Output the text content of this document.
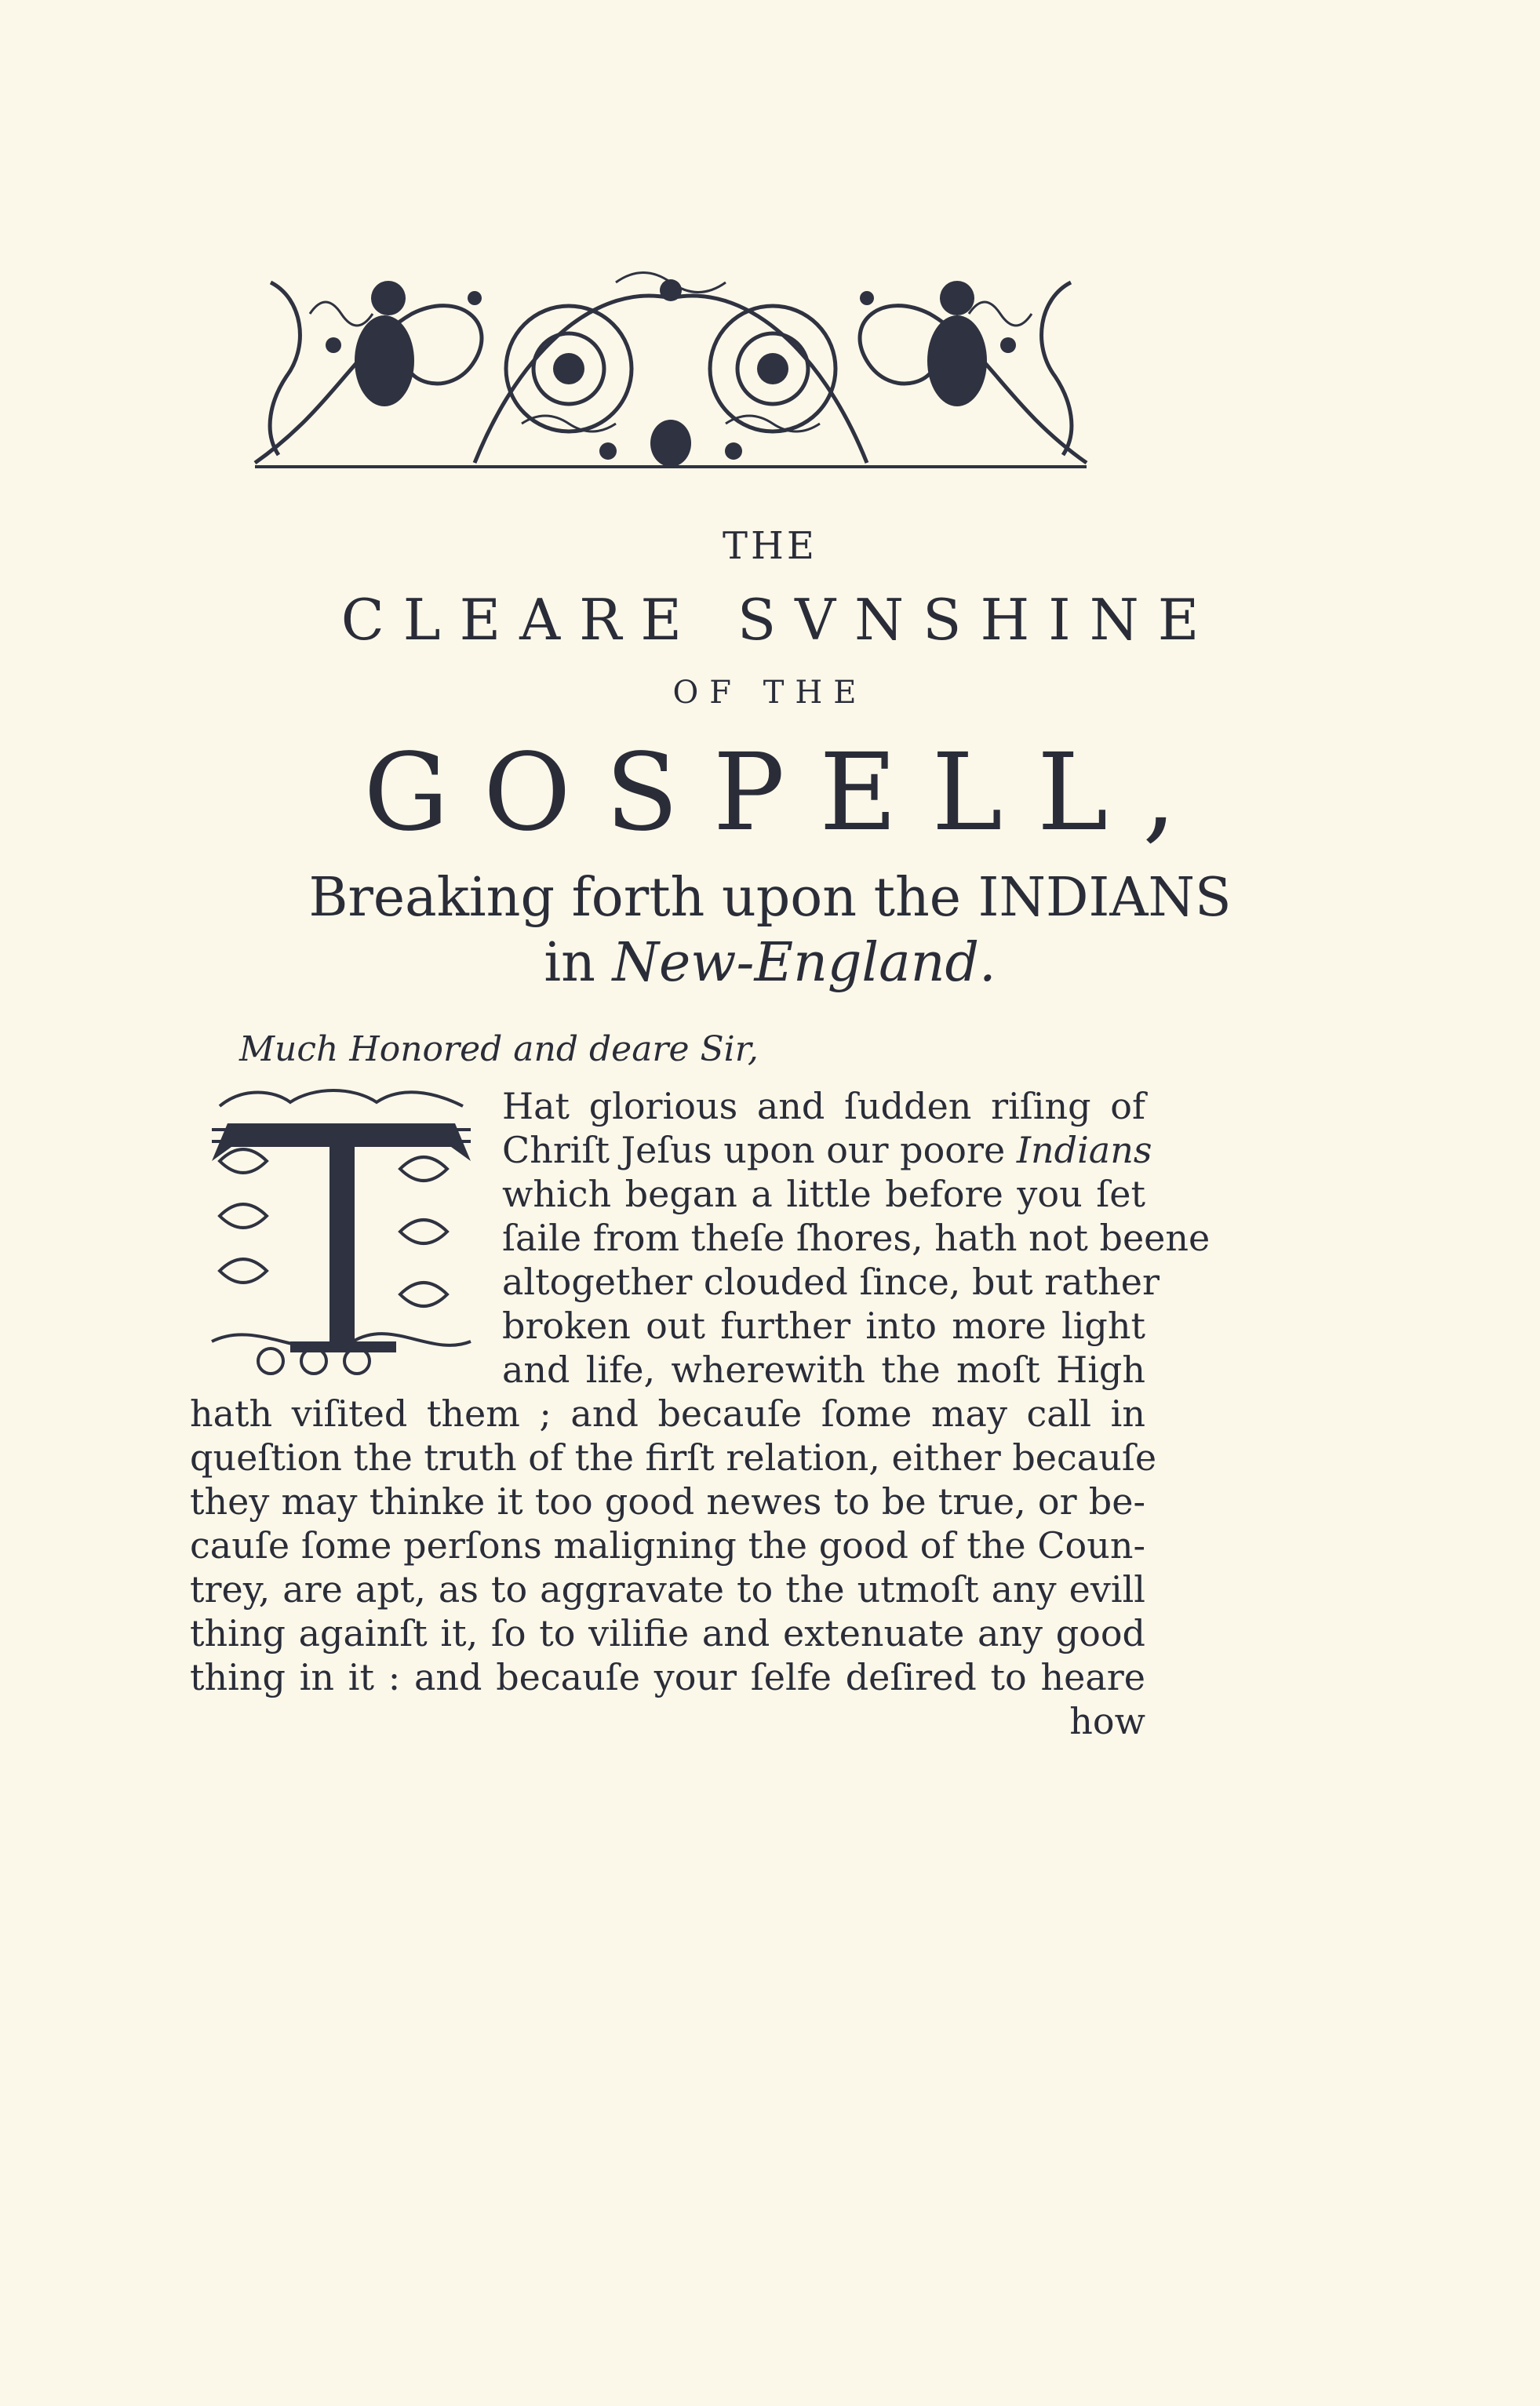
THE
CLEARE SVNSHINE
OF THE
GOSPELL,
Breaking forth upon the INDIANS
in New-England.
Much Honored and deare Sir,
Hat glorious and ſudden riſing of
Chriſt Jeſus upon our poore Indians
which began a little before you ſet
ſaile from theſe ſhores, hath not beene
altogether clouded ſince, but rather
broken out further into more light
and life, wherewith the moſt High
hath viſited them ; and becauſe ſome may call in
queſtion the truth of the firſt relation, either becauſe
they may thinke it too good newes to be true, or be-
cauſe ſome perſons maligning the good of the Coun-
trey, are apt, as to aggravate to the utmoſt any evill
thing againſt it, ſo to vilifie and extenuate any good
thing in it : and becauſe your ſelfe deſired to heare
how
